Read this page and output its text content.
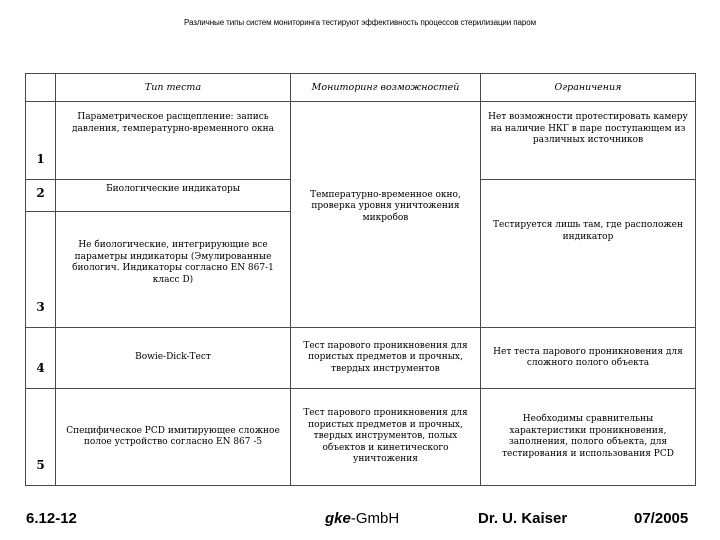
Различные типы систем мониторинга тестируют эффективность процессов стерилизации паром
	Тип теста	Мониторинг возможностей	Ограничения
1	Параметрическое расщепление: запись давления, температурно-временного окна		Нет возможности протестировать камеру на наличие НКГ в паре поступающем из различных источников
2	Биологические индикаторы	Температурно-временное окно, проверка уровня уничтожения микробов	Тестируется лишь там, где расположен индикатор
3	Не биологические, интегрирующие все параметры индикаторы (Эмулированные биологич. Индикаторы согласно EN 867-1 класс D)		
4	Bowie-Dick-Тест	Тест парового проникновения для пористых предметов и прочных, твердых инструментов	Нет теста парового проникновения для сложного полого объекта
5	Специфическое PCD имитирующее сложное полое устройство согласно EN 867 -5	Тест парового проникновения для пористых предметов и прочных, твердых инструментов, полых объектов и кинетического уничтожения	Необходимы сравнительны характеристики проникновения, заполнения, полого объекта, для тестирования и использования PCD
6.12-12	gke-GmbH	Dr. U. Kaiser	07/2005
